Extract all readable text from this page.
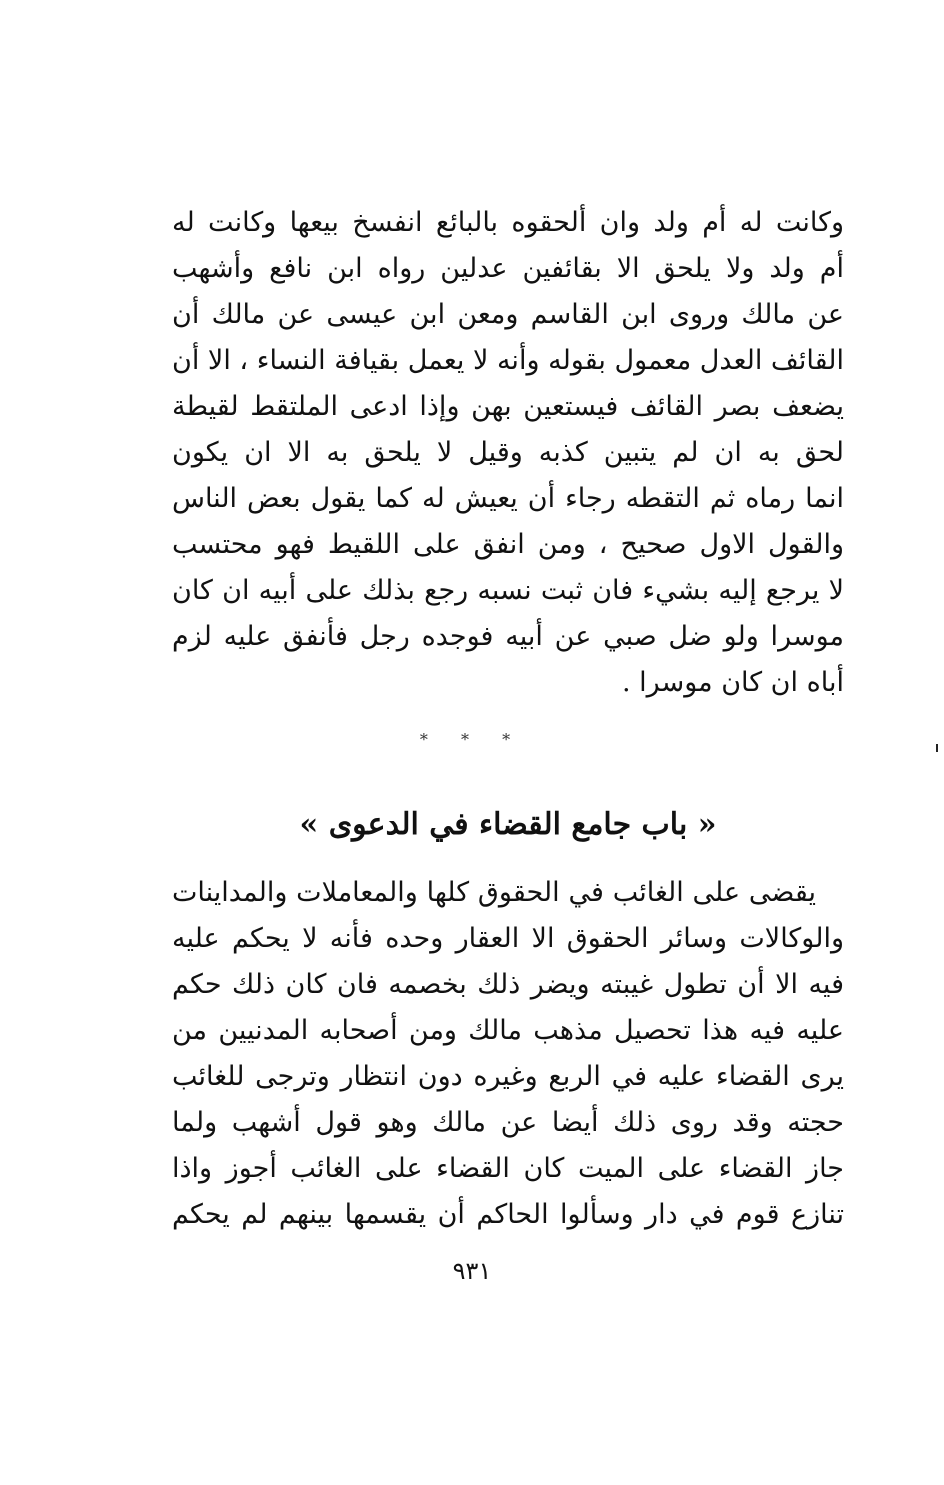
وكانت له أم ولد وان ألحقوه بالبائع انفسخ بيعها وكانت له
أم ولد ولا يلحق الا بقائفين عدلين رواه ابن نافع وأشهب
عن مالك وروى ابن القاسم ومعن ابن عيسى عن مالك أن
القائف العدل معمول بقوله وأنه لا يعمل بقيافة النساء ، الا أن
يضعف بصر القائف فيستعين بهن وإذا ادعى الملتقط لقيطة
لحق به ان لم يتبين كذبه وقيل لا يلحق به الا ان يكون
انما رماه ثم التقطه رجاء أن يعيش له كما يقول بعض الناس
والقول الاول صحيح ، ومن انفق على اللقيط فهو محتسب
لا يرجع إليه بشيء فان ثبت نسبه رجع بذلك على أبيه ان كان
موسرا ولو ضل صبي عن أبيه فوجده رجل فأنفق عليه لزم
أباه ان كان موسرا .
* * *
« باب جامع القضاء في الدعوى »
يقضى على الغائب في الحقوق كلها والمعاملات والمداينات
والوكالات وسائر الحقوق الا العقار وحده فأنه لا يحكم عليه
فيه الا أن تطول غيبته ويضر ذلك بخصمه فان كان ذلك حكم
عليه فيه هذا تحصيل مذهب مالك ومن أصحابه المدنيين من
يرى القضاء عليه في الربع وغيره دون انتظار وترجى للغائب
حجته وقد روى ذلك أيضا عن مالك وهو قول أشهب ولما
جاز القضاء على الميت كان القضاء على الغائب أجوز واذا
تنازع قوم في دار وسألوا الحاكم أن يقسمها بينهم لم يحكم
٩٣١
